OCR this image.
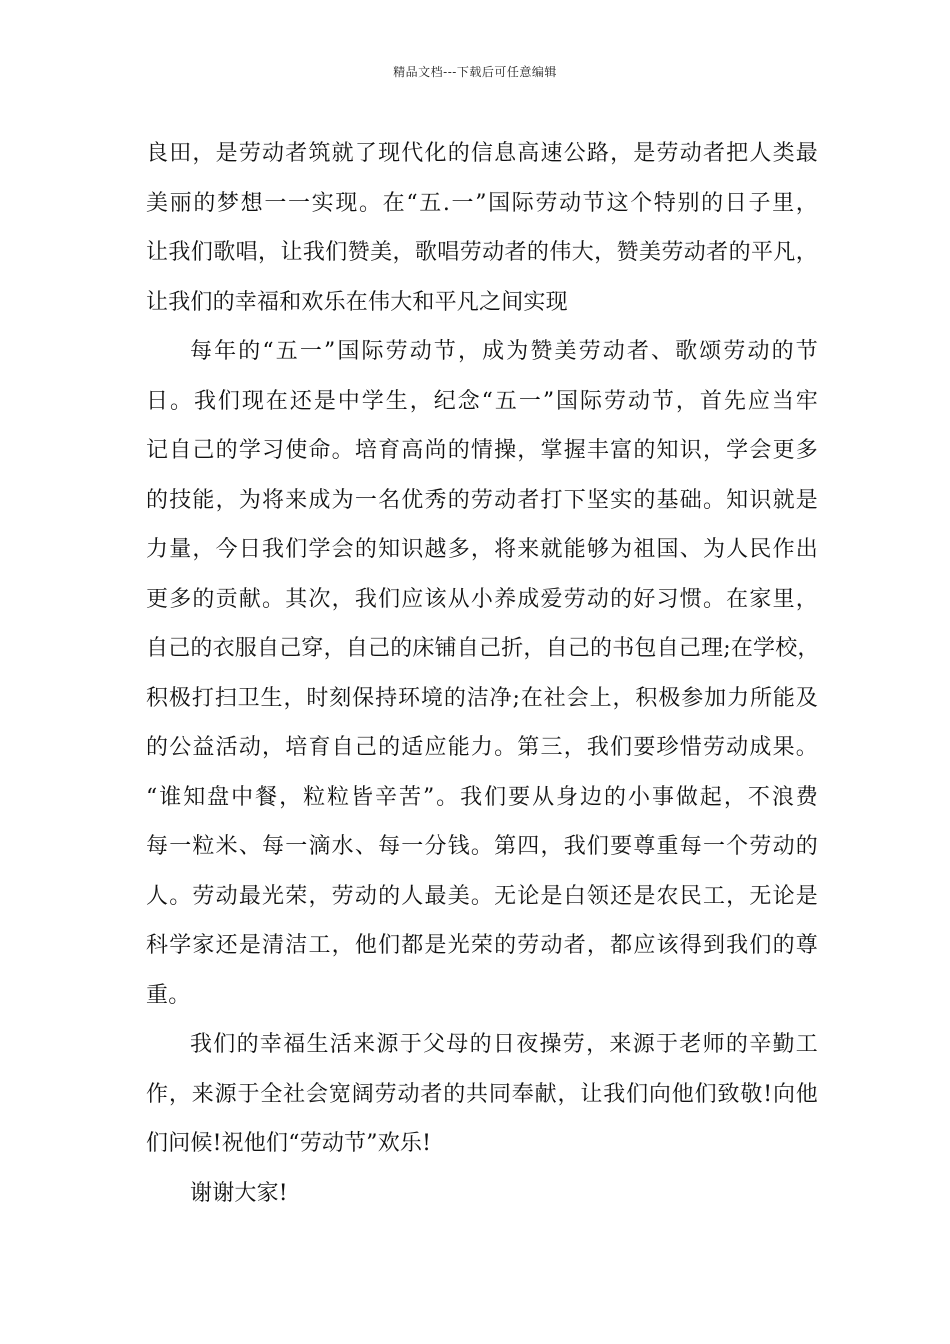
精品文档---下载后可任意编辑
良田，是劳动者筑就了现代化的信息高速公路，是劳动者把人类最
美丽的梦想一一实现。在“五.一”国际劳动节这个特别的日子里，
让我们歌唱，让我们赞美，歌唱劳动者的伟大，赞美劳动者的平凡，
让我们的幸福和欢乐在伟大和平凡之间实现
每年的“五一”国际劳动节，成为赞美劳动者、歌颂劳动的节
日。我们现在还是中学生，纪念“五一”国际劳动节，首先应当牢
记自己的学习使命。培育高尚的情操，掌握丰富的知识，学会更多
的技能，为将来成为一名优秀的劳动者打下坚实的基础。知识就是
力量，今日我们学会的知识越多，将来就能够为祖国、为人民作出
更多的贡献。其次，我们应该从小养成爱劳动的好习惯。在家里，
自己的衣服自己穿，自己的床铺自己折，自己的书包自己理;在学校，
积极打扫卫生，时刻保持环境的洁净;在社会上，积极参加力所能及
的公益活动，培育自己的适应能力。第三，我们要珍惜劳动成果。
“谁知盘中餐，粒粒皆辛苦”。我们要从身边的小事做起，不浪费
每一粒米、每一滴水、每一分钱。第四，我们要尊重每一个劳动的
人。劳动最光荣，劳动的人最美。无论是白领还是农民工，无论是
科学家还是清洁工，他们都是光荣的劳动者，都应该得到我们的尊
重。
我们的幸福生活来源于父母的日夜操劳，来源于老师的辛勤工
作，来源于全社会宽阔劳动者的共同奉献，让我们向他们致敬!向他
们问候!祝他们“劳动节”欢乐!
谢谢大家!
